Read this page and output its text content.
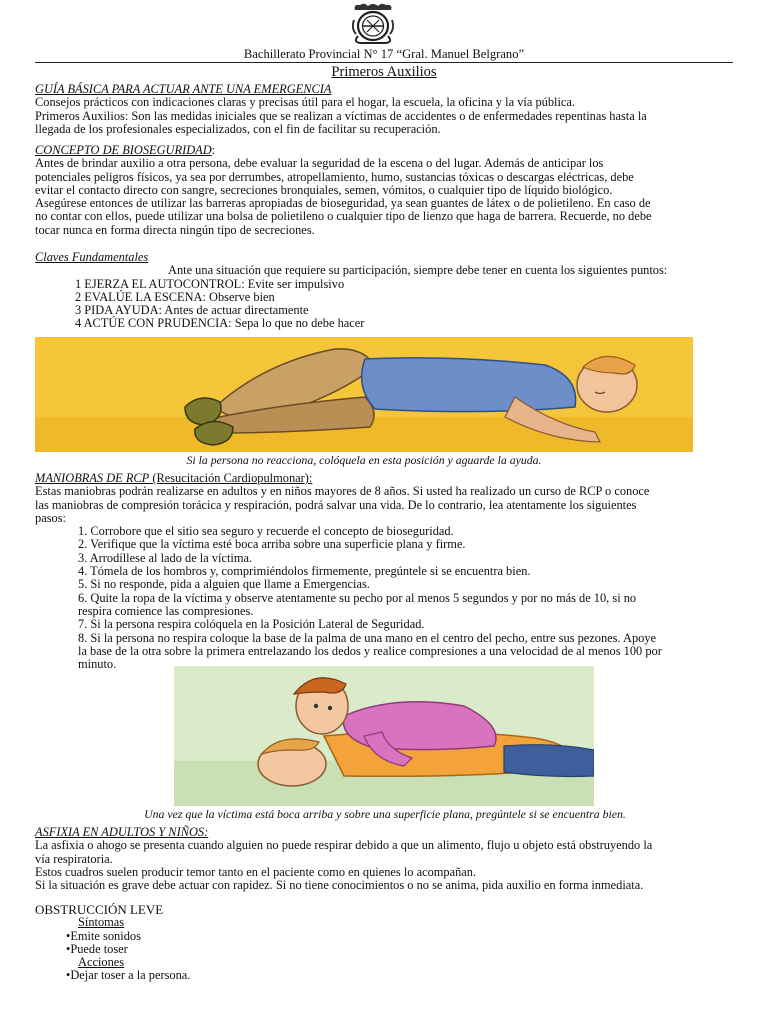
Bachillerato Provincial N° 17 “Gral. Manuel Belgrano”
Primeros Auxilios
GUÍA BÁSICA PARA ACTUAR ANTE UNA EMERGENCIA
Consejos prácticos con indicaciones claras y precisas útil para el hogar, la escuela, la oficina y la vía pública.
Primeros Auxilios: Son las medidas iniciales que se realizan a víctimas de accidentes o de enfermedades repentinas hasta la
llegada de los profesionales especializados, con el fin de facilitar su recuperación.
CONCEPTO DE BIOSEGURIDAD:
Antes de brindar auxilio a otra persona, debe evaluar la seguridad de la escena o del lugar. Además de anticipar los
potenciales peligros físicos, ya sea por derrumbes, atropellamiento, humo, sustancias tóxicas o descargas eléctricas, debe
evitar el contacto directo con sangre, secreciones bronquiales, semen, vómitos, o cualquier tipo de líquido biológico.
Asegúrese entonces de utilizar las barreras apropiadas de bioseguridad, ya sean guantes de látex o de polietileno. En caso de
no contar con ellos, puede utilizar una bolsa de polietileno o cualquier tipo de lienzo que haga de barrera. Recuerde, no debe
tocar nunca en forma directa ningún tipo de secreciones.
Claves Fundamentales
Ante una situación que requiere su participación, siempre debe tener en cuenta los siguientes puntos:
1 EJERZA EL AUTOCONTROL: Evite ser impulsivo
2 EVALÚE LA ESCENA: Observe bien
3 PIDA AYUDA: Antes de actuar directamente
4 ACTÚE CON PRUDENCIA: Sepa lo que no debe hacer
Si la persona no reacciona, colóquela en esta posición y aguarde la ayuda.
MANIOBRAS DE RCP (Resucitación Cardiopulmonar):
Estas maniobras podrán realizarse en adultos y en niños mayores de 8 años. Si usted ha realizado un curso de RCP o conoce
las maniobras de compresión torácica y respiración, podrá salvar una vida. De lo contrario, lea atentamente los siguientes
pasos:
1. Corrobore que el sitio sea seguro y recuerde el concepto de bioseguridad.
2. Verifique que la víctima esté boca arriba sobre una superficie plana y firme.
3. Arrodíllese al lado de la víctima.
4. Tómela de los hombros y, comprimiéndolos firmemente, pregúntele si se encuentra bien.
5. Si no responde, pida a alguien que llame a Emergencias.
6. Quite la ropa de la víctima y observe atentamente su pecho por al menos 5 segundos y por no más de 10, si no
respira comience las compresiones.
7. Si la persona respira colóquela en la Posición Lateral de Seguridad.
8. Si la persona no respira coloque la base de la palma de una mano en el centro del pecho, entre sus pezones. Apoye
la base de la otra sobre la primera entrelazando los dedos y realice compresiones a una velocidad de al menos 100 por
minuto.
Una vez que la víctima está boca arriba y sobre una superficie plana, pregúntele si se encuentra bien.
ASFIXIA EN ADULTOS Y NIÑOS:
La asfixia o ahogo se presenta cuando alguien no puede respirar debido a que un alimento, flujo u objeto está obstruyendo la
vía respiratoria.
Estos cuadros suelen producir temor tanto en el paciente como en quienes lo acompañan.
Si la situación es grave debe actuar con rapidez. Si no tiene conocimientos o no se anima, pida auxilio en forma inmediata.
OBSTRUCCIÓN LEVE
Síntomas
• Emite sonidos
• Puede toser
Acciones
• Dejar toser a la persona.
